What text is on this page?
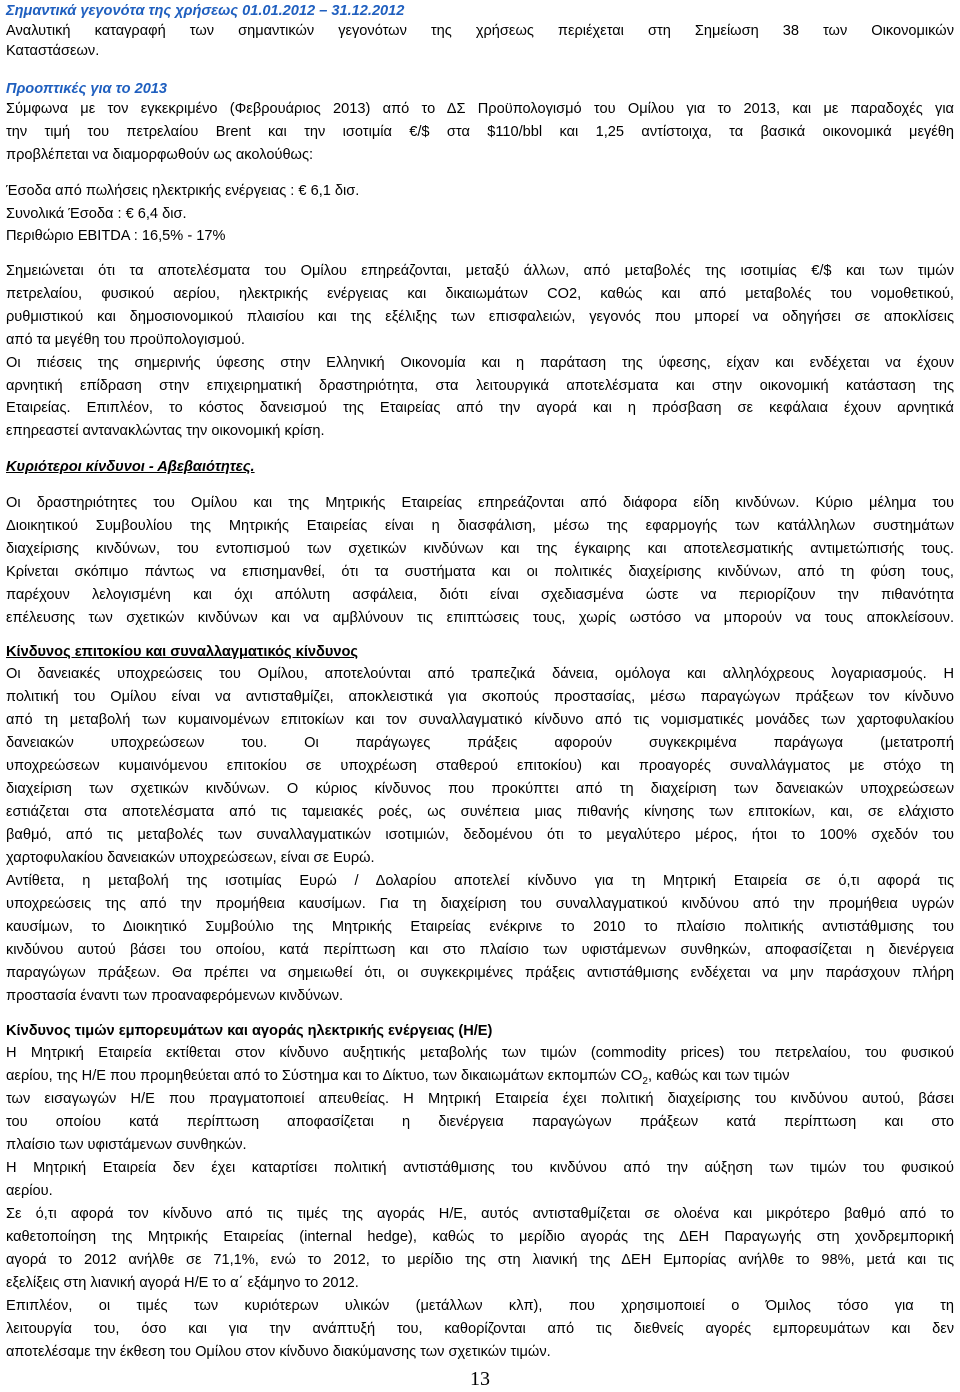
Σημαντικά γεγονότα της χρήσεως 01.01.2012 – 31.12.2012
Αναλυτική καταγραφή των σημαντικών γεγονότων της χρήσεως περιέχεται στη Σημείωση 38 των Οικονομικών
Καταστάσεων.
Προοπτικές για το 2013
Σύμφωνα με τον εγκεκριμένο (Φεβρουάριος 2013) από το ΔΣ Προϋπολογισμό του Ομίλου για το 2013, και με παραδοχές για
την τιμή του πετρελαίου Brent και την ισοτιμία €/$ στα $110/bbl και 1,25 αντίστοιχα, τα βασικά οικονομικά μεγέθη
προβλέπεται να διαμορφωθούν ως ακολούθως:
Έσοδα από πωλήσεις ηλεκτρικής ενέργειας : € 6,1 δισ.
Συνολικά Έσοδα : € 6,4 δισ.
Περιθώριο EBITDA : 16,5% - 17%
Σημειώνεται ότι τα αποτελέσματα του Ομίλου επηρεάζονται, μεταξύ άλλων, από μεταβολές της ισοτιμίας €/$ και των τιμών
πετρελαίου, φυσικού αερίου, ηλεκτρικής ενέργειας και δικαιωμάτων CO2, καθώς και από μεταβολές του νομοθετικού,
ρυθμιστικού και δημοσιονομικού πλαισίου και της εξέλιξης των επισφαλειών, γεγονός που μπορεί να οδηγήσει σε αποκλίσεις
από τα μεγέθη του προϋπολογισμού.
Οι πιέσεις της σημερινής ύφεσης στην Ελληνική Οικονομία και η παράταση της ύφεσης, είχαν και ενδέχεται να έχουν
αρνητική επίδραση στην επιχειρηματική δραστηριότητα, στα λειτουργικά αποτελέσματα και στην οικονομική κατάσταση της
Εταιρείας. Επιπλέον, το κόστος δανεισμού της Εταιρείας από την αγορά και η πρόσβαση σε κεφάλαια έχουν αρνητικά
επηρεαστεί αντανακλώντας την οικονομική κρίση.
Κυριότεροι κίνδυνοι - Αβεβαιότητες.
Οι δραστηριότητες του Ομίλου και της Μητρικής Εταιρείας επηρεάζονται από διάφορα είδη κινδύνων. Κύριο μέλημα του
Διοικητικού Συμβουλίου της Μητρικής Εταιρείας είναι η διασφάλιση, μέσω της εφαρμογής των κατάλληλων συστημάτων
διαχείρισης κινδύνων, του εντοπισμού των σχετικών κινδύνων και της έγκαιρης και αποτελεσματικής αντιμετώπισής τους.
Κρίνεται σκόπιμο πάντως να επισημανθεί, ότι τα συστήματα και οι πολιτικές διαχείρισης κινδύνων, από τη φύση τους,
παρέχουν λελογισμένη και όχι απόλυτη ασφάλεια, διότι είναι σχεδιασμένα ώστε να περιορίζουν την πιθανότητα
επέλευσης των σχετικών κινδύνων και να αμβλύνουν τις επιπτώσεις τους, χωρίς ωστόσο να μπορούν να τους αποκλείσουν.
Κίνδυνος επιτοκίου και συναλλαγματικός κίνδυνος
Οι δανειακές υποχρεώσεις του Ομίλου, αποτελούνται από τραπεζικά δάνεια, ομόλογα και αλληλόχρεους λογαριασμούς. Η
πολιτική του Ομίλου είναι να αντισταθμίζει, αποκλειστικά για σκοπούς προστασίας, μέσω παραγώγων πράξεων τον κίνδυνο
από τη μεταβολή των κυμαινομένων επιτοκίων και τον συναλλαγματικό κίνδυνο από τις νομισματικές μονάδες των χαρτοφυλακίου
δανειακών υποχρεώσεων του. Οι παράγωγες πράξεις αφορούν συγκεκριμένα παράγωγα (μετατροπή
υποχρεώσεων κυμαινόμενου επιτοκίου σε υποχρέωση σταθερού επιτοκίου) και προαγορές συναλλάγματος με στόχο τη
διαχείριση των σχετικών κινδύνων. Ο κύριος κίνδυνος που προκύπτει από τη διαχείριση των δανειακών υποχρεώσεων
εστιάζεται στα αποτελέσματα από τις ταμειακές ροές, ως συνέπεια μιας πιθανής κίνησης των επιτοκίων, και, σε ελάχιστο
βαθμό, από τις μεταβολές των συναλλαγματικών ισοτιμιών, δεδομένου ότι το μεγαλύτερο μέρος, ήτοι το 100% σχεδόν του
χαρτοφυλακίου δανειακών υποχρεώσεων, είναι σε Ευρώ.
Αντίθετα, η μεταβολή της ισοτιμίας Ευρώ / Δολαρίου αποτελεί κίνδυνο για τη Μητρική Εταιρεία σε ό,τι αφορά τις
υποχρεώσεις της από την προμήθεια καυσίμων. Για τη διαχείριση του συναλλαγματικού κινδύνου από την προμήθεια υγρών
καυσίμων, το Διοικητικό Συμβούλιο της Μητρικής Εταιρείας ενέκρινε το 2010 το πλαίσιο πολιτικής αντιστάθμισης του
κινδύνου αυτού βάσει του οποίου, κατά περίπτωση και στο πλαίσιο των υφιστάμενων συνθηκών, αποφασίζεται η διενέργεια
παραγώγων πράξεων. Θα πρέπει να σημειωθεί ότι, οι συγκεκριμένες πράξεις αντιστάθμισης ενδέχεται να μην παράσχουν πλήρη
προστασία έναντι των προαναφερόμενων κινδύνων.
Κίνδυνος τιμών εμπορευμάτων και αγοράς ηλεκτρικής ενέργειας (Η/Ε)
Η Μητρική Εταιρεία εκτίθεται στον κίνδυνο αυξητικής μεταβολής των τιμών (commodity prices) του πετρελαίου, του φυσικού
αερίου, της Η/Ε που προμηθεύεται από το Σύστημα και το Δίκτυο, των δικαιωμάτων εκπομπών $CO_2$, καθώς και των τιμών
των εισαγωγών Η/Ε που πραγματοποιεί απευθείας. Η Μητρική Εταιρεία έχει πολιτική διαχείρισης του κινδύνου αυτού, βάσει
του οποίου κατά περίπτωση αποφασίζεται η διενέργεια παραγώγων πράξεων κατά περίπτωση και στο
πλαίσιο των υφιστάμενων συνθηκών.
Η Μητρική Εταιρεία δεν έχει καταρτίσει πολιτική αντιστάθμισης του κινδύνου από την αύξηση των τιμών του φυσικού
αερίου.
Σε ό,τι αφορά τον κίνδυνο από τις τιμές της αγοράς Η/Ε, αυτός αντισταθμίζεται σε ολοένα και μικρότερο βαθμό από το
καθετοποίηση της Μητρικής Εταιρείας (internal hedge), καθώς το μερίδιο αγοράς της ΔΕΗ Παραγωγής στη χονδρεμπορική
αγορά το 2012 ανήλθε σε 71,1%, ενώ το 2012, το μερίδιο της στη λιανική της ΔΕΗ Εμπορίας ανήλθε το 98%, μετά και τις
εξελίξεις στη λιανική αγορά Η/Ε το α΄ εξάμηνο το 2012.
Επιπλέον, οι τιμές των κυριότερων υλικών (μετάλλων κλπ), που χρησιμοποιεί ο Όμιλος τόσο για τη
λειτουργία του, όσο και για την ανάπτυξή του, καθορίζονται από τις διεθνείς αγορές εμπορευμάτων και δεν
αποτελέσαμε την έκθεση του Ομίλου στον κίνδυνο διακύμανσης των σχετικών τιμών.
13
